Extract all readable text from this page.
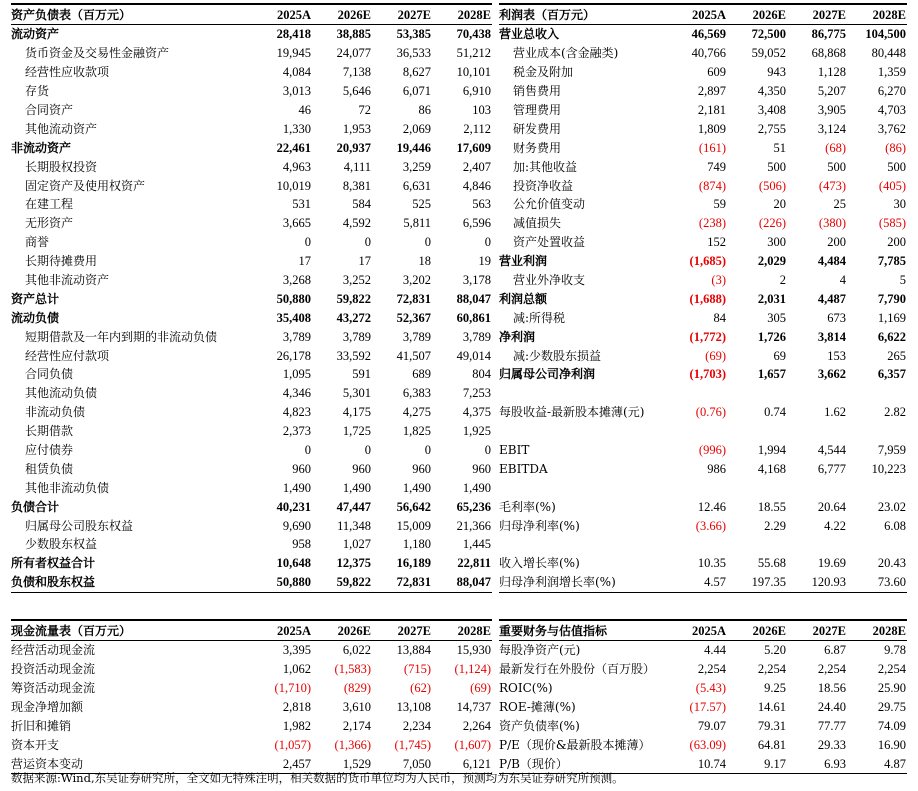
资产负债表（百万元）	2025A	2026E	2027E	2028E
流动资产	28,418	38,885	53,385	70,438
货币资金及交易性金融资产	19,945	24,077	36,533	51,212
经营性应收款项	4,084	7,138	8,627	10,101
存货	3,013	5,646	6,071	6,910
合同资产	46	72	86	103
其他流动资产	1,330	1,953	2,069	2,112
非流动资产	22,461	20,937	19,446	17,609
长期股权投资	4,963	4,111	3,259	2,407
固定资产及使用权资产	10,019	8,381	6,631	4,846
在建工程	531	584	525	563
无形资产	3,665	4,592	5,811	6,596
商誉	0	0	0	0
长期待摊费用	17	17	18	19
其他非流动资产	3,268	3,252	3,202	3,178
资产总计	50,880	59,822	72,831	88,047
流动负债	35,408	43,272	52,367	60,861
短期借款及一年内到期的非流动负债	3,789	3,789	3,789	3,789
经营性应付款项	26,178	33,592	41,507	49,014
合同负债	1,095	591	689	804
其他流动负债	4,346	5,301	6,383	7,253
非流动负债	4,823	4,175	4,275	4,375
长期借款	2,373	1,725	1,825	1,925
应付债券	0	0	0	0
租赁负债	960	960	960	960
其他非流动负债	1,490	1,490	1,490	1,490
负债合计	40,231	47,447	56,642	65,236
归属母公司股东权益	9,690	11,348	15,009	21,366
少数股东权益	958	1,027	1,180	1,445
所有者权益合计	10,648	12,375	16,189	22,811
负债和股东权益	50,880	59,822	72,831	88,047
利润表（百万元）	2025A	2026E	2027E	2028E
营业总收入	46,569	72,500	86,775	104,500
营业成本(含金融类)	40,766	59,052	68,868	80,448
税金及附加	609	943	1,128	1,359
销售费用	2,897	4,350	5,207	6,270
管理费用	2,181	3,408	3,905	4,703
研发费用	1,809	2,755	3,124	3,762
财务费用	(161)	51	(68)	(86)
加:其他收益	749	500	500	500
投资净收益	(874)	(506)	(473)	(405)
公允价值变动	59	20	25	30
减值损失	(238)	(226)	(380)	(585)
资产处置收益	152	300	200	200
营业利润	(1,685)	2,029	4,484	7,785
营业外净收支	(3)	2	4	5
利润总额	(1,688)	2,031	4,487	7,790
减:所得税	84	305	673	1,169
净利润	(1,772)	1,726	3,814	6,622
减:少数股东损益	(69)	69	153	265
归属母公司净利润	(1,703)	1,657	3,662	6,357

每股收益-最新股本摊薄(元)	(0.76)	0.74	1.62	2.82

EBIT	(996)	1,994	4,544	7,959
EBITDA	986	4,168	6,777	10,223

毛利率(%)	12.46	18.55	20.64	23.02
归母净利率(%)	(3.66)	2.29	4.22	6.08

收入增长率(%)	10.35	55.68	19.69	20.43
归母净利润增长率(%)	4.57	197.35	120.93	73.60
现金流量表（百万元）	2025A	2026E	2027E	2028E
经营活动现金流	3,395	6,022	13,884	15,930
投资活动现金流	1,062	(1,583)	(715)	(1,124)
筹资活动现金流	(1,710)	(829)	(62)	(69)
现金净增加额	2,818	3,610	13,108	14,737
折旧和摊销	1,982	2,174	2,234	2,264
资本开支	(1,057)	(1,366)	(1,745)	(1,607)
营运资本变动	2,457	1,529	7,050	6,121
重要财务与估值指标	2025A	2026E	2027E	2028E
每股净资产(元)	4.44	5.20	6.87	9.78
最新发行在外股份（百万股）	2,254	2,254	2,254	2,254
ROIC(%)	(5.43)	9.25	18.56	25.90
ROE-摊薄(%)	(17.57)	14.61	24.40	29.75
资产负债率(%)	79.07	79.31	77.77	74.09
P/E（现价&最新股本摊薄）	(63.09)	64.81	29.33	16.90
P/B（现价）	10.74	9.17	6.93	4.87
数据来源:Wind,东吴证券研究所，全文如无特殊注明，相关数据的货币单位均为人民币，预测均为东吴证券研究所预测。
